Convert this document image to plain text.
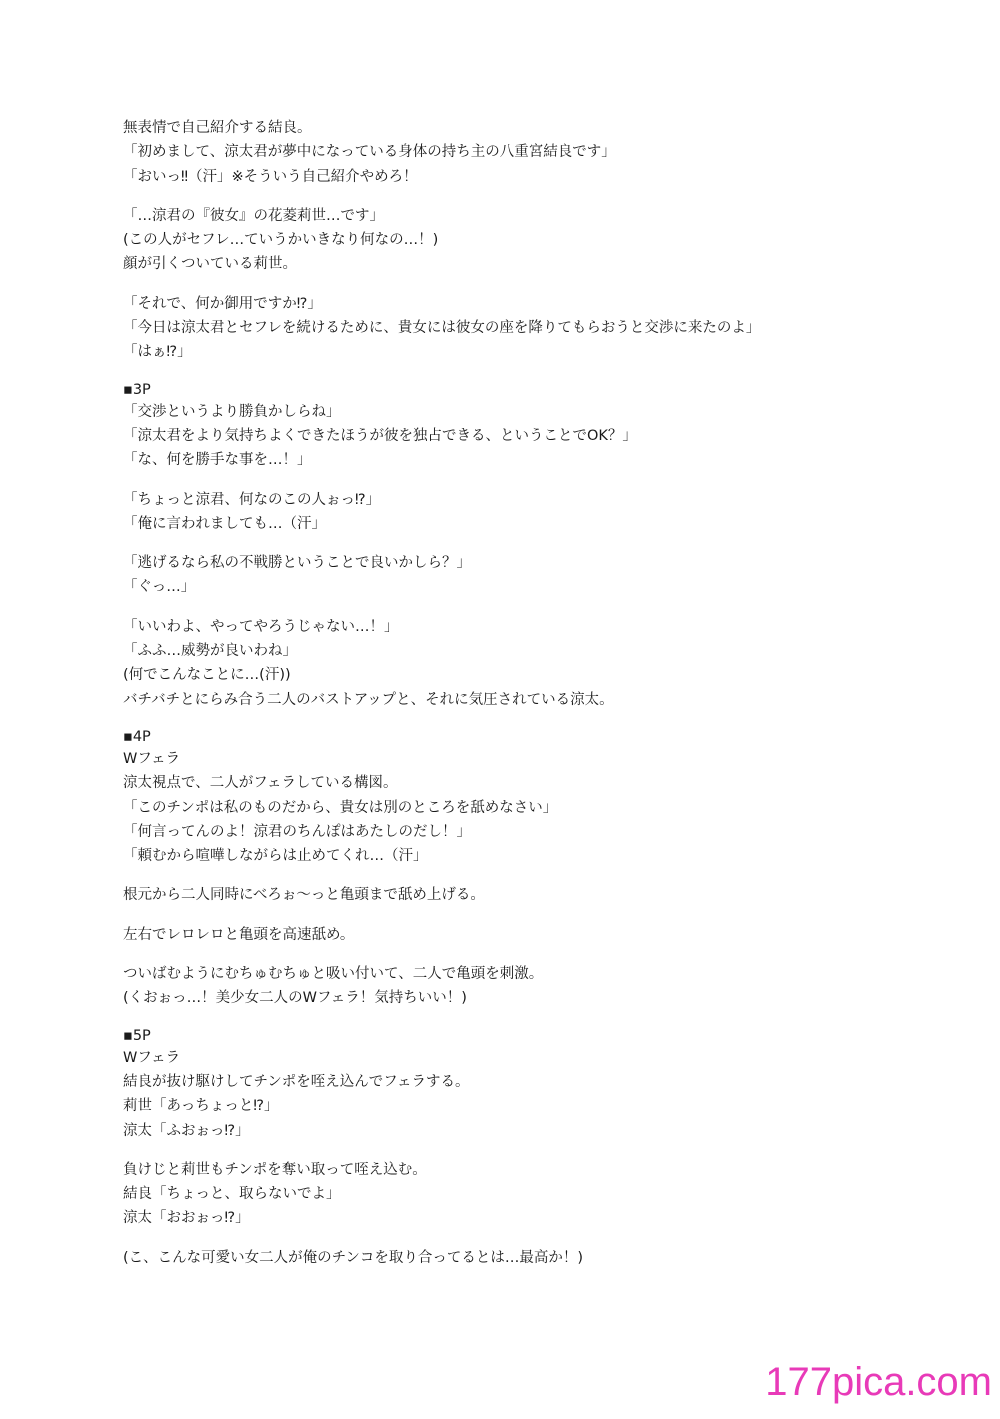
無表情で自己紹介する結良。
「初めまして、涼太君が夢中になっている身体の持ち主の八重宮結良です」
「おいっ‼（汗」※そういう自己紹介やめろ！
「…涼君の『彼女』の花菱莉世…です」
(この人がセフレ…ていうかいきなり何なの…！)
顔が引くついている莉世。
「それで、何か御用ですか⁉」
「今日は涼太君とセフレを続けるために、貴女には彼女の座を降りてもらおうと交渉に来たのよ」
「はぁ⁉」
▪3P
「交渉というより勝負かしらね」
「涼太君をより気持ちよくできたほうが彼を独占できる、ということでOK？」
「な、何を勝手な事を…！」
「ちょっと涼君、何なのこの人ぉっ⁉」
「俺に言われましても…（汗」
「逃げるなら私の不戦勝ということで良いかしら？」
「ぐっ…」
「いいわよ、やってやろうじゃない…！」
「ふふ…威勢が良いわね」
(何でこんなことに…(汗))
バチバチとにらみ合う二人のバストアップと、それに気圧されている涼太。
▪4P
Wフェラ
涼太視点で、二人がフェラしている構図。
「このチンポは私のものだから、貴女は別のところを舐めなさい」
「何言ってんのよ！涼君のちんぽはあたしのだし！」
「頼むから喧嘩しながらは止めてくれ…（汗」
根元から二人同時にべろぉ～っと亀頭まで舐め上げる。
左右でレロレロと亀頭を高速舐め。
ついばむようにむちゅむちゅと吸い付いて、二人で亀頭を刺激。
(くおぉっ…！美少女二人のWフェラ！気持ちいい！)
▪5P
Wフェラ
結良が抜け駆けしてチンポを咥え込んでフェラする。
莉世「あっちょっと⁉」
涼太「ふおぉっ⁉」
負けじと莉世もチンポを奪い取って咥え込む。
結良「ちょっと、取らないでよ」
涼太「おおぉっ⁉」
(こ、こんな可愛い女二人が俺のチンコを取り合ってるとは…最高か！)
177pica.com
